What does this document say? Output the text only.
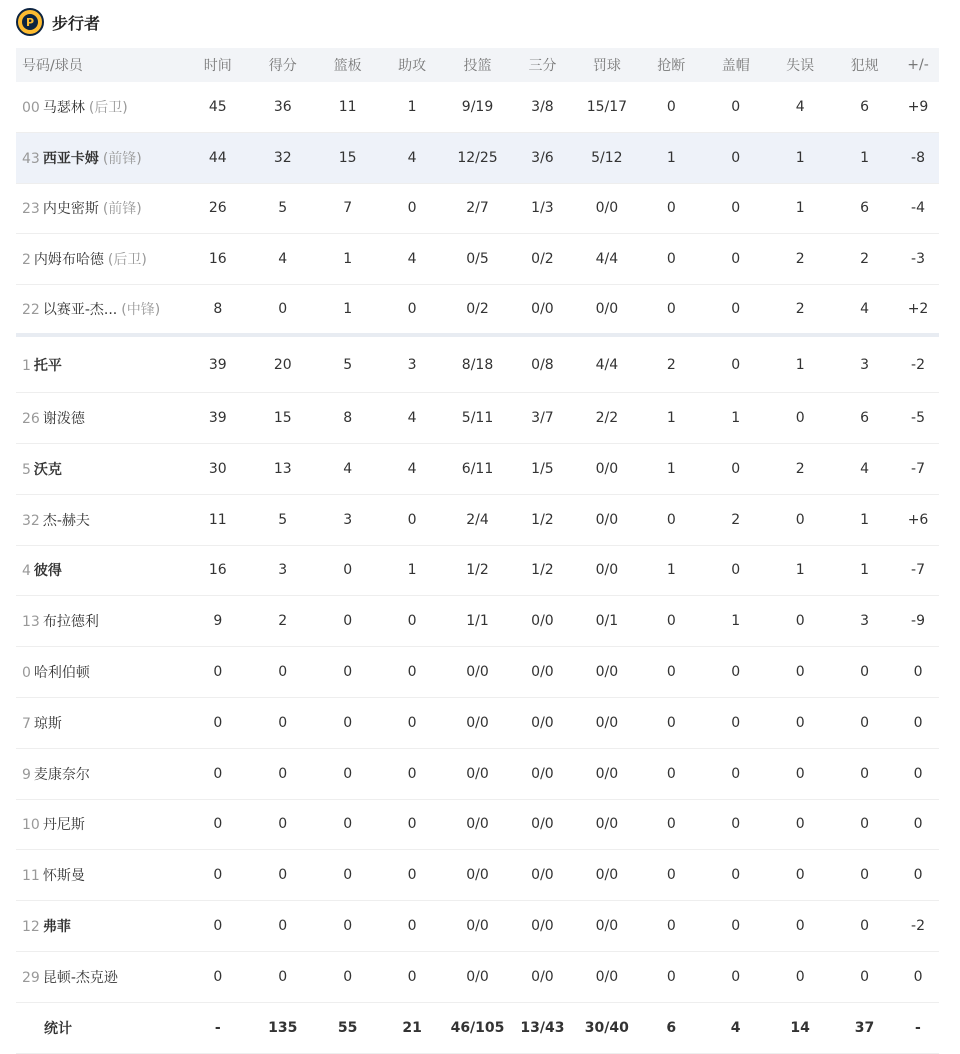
P 步行者
号码/球员	时间	得分	篮板	助攻	投篮	三分	罚球	抢断	盖帽	失误	犯规	+/-
00 马瑟林 (后卫)	45	36	11	1	9/19	3/8	15/17	0	0	4	6	+9
43 西亚卡姆 (前锋)	44	32	15	4	12/25	3/6	5/12	1	0	1	1	-8
23 内史密斯 (前锋)	26	5	7	0	2/7	1/3	0/0	0	0	1	6	-4
2 内姆布哈德 (后卫)	16	4	1	4	0/5	0/2	4/4	0	0	2	2	-3
22 以赛亚-杰... (中锋)	8	0	1	0	0/2	0/0	0/0	0	0	2	4	+2
1 托平	39	20	5	3	8/18	0/8	4/4	2	0	1	3	-2
26 谢泼德	39	15	8	4	5/11	3/7	2/2	1	1	0	6	-5
5 沃克	30	13	4	4	6/11	1/5	0/0	1	0	2	4	-7
32 杰-赫夫	11	5	3	0	2/4	1/2	0/0	0	2	0	1	+6
4 彼得	16	3	0	1	1/2	1/2	0/0	1	0	1	1	-7
13 布拉德利	9	2	0	0	1/1	0/0	0/1	0	1	0	3	-9
0 哈利伯顿	0	0	0	0	0/0	0/0	0/0	0	0	0	0	0
7 琼斯	0	0	0	0	0/0	0/0	0/0	0	0	0	0	0
9 麦康奈尔	0	0	0	0	0/0	0/0	0/0	0	0	0	0	0
10 丹尼斯	0	0	0	0	0/0	0/0	0/0	0	0	0	0	0
11 怀斯曼	0	0	0	0	0/0	0/0	0/0	0	0	0	0	0
12 弗菲	0	0	0	0	0/0	0/0	0/0	0	0	0	0	-2
29 昆顿-杰克逊	0	0	0	0	0/0	0/0	0/0	0	0	0	0	0
统计	-	135	55	21	46/105	13/43	30/40	6	4	14	37	-
